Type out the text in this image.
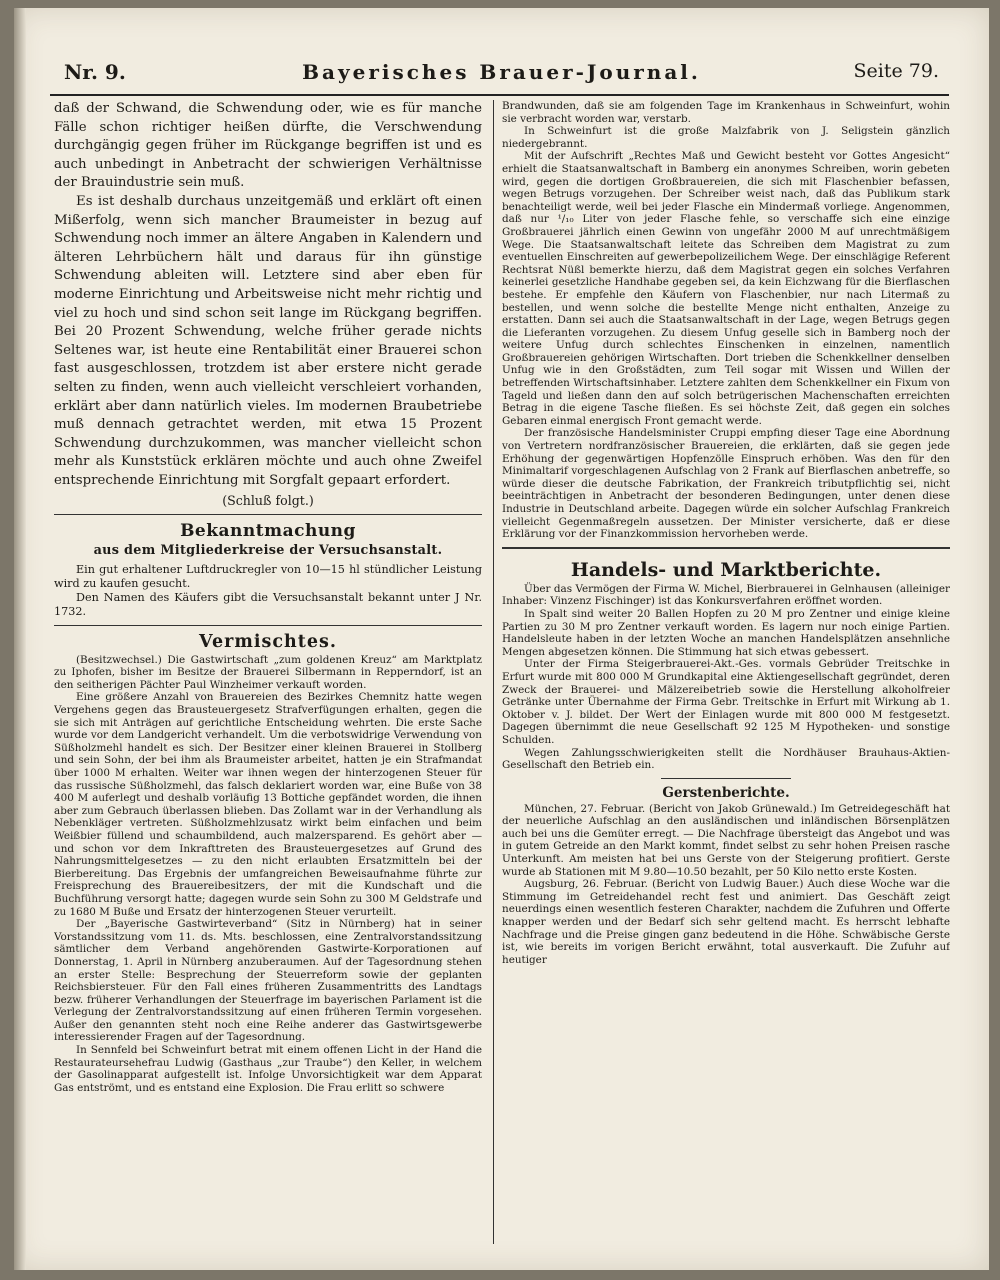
Nr. 9.	Bayerisches Brauer-Journal.	Seite 79.

daß der Schwand, die Schwendung oder, wie es für manche Fälle schon richtiger heißen dürfte, die Verschwendung durchgängig gegen früher im Rückgange begriffen ist und es auch unbedingt in Anbetracht der schwierigen Verhältnisse der Brauindustrie sein muß.

Es ist deshalb durchaus unzeitgemäß und erklärt oft einen Mißerfolg, wenn sich mancher Braumeister in bezug auf Schwendung noch immer an ältere Angaben in Kalendern und älteren Lehrbüchern hält und daraus für ihn günstige Schwendung ableiten will. Letztere sind aber eben für moderne Einrichtung und Arbeitsweise nicht mehr richtig und viel zu hoch und sind schon seit lange im Rückgang begriffen. Bei 20 Prozent Schwendung, welche früher gerade nichts Seltenes war, ist heute eine Rentabilität einer Brauerei schon fast ausgeschlossen, trotzdem ist aber erstere nicht gerade selten zu finden, wenn auch vielleicht verschleiert vorhanden, erklärt aber dann natürlich vieles. Im modernen Braubetriebe muß dennach getrachtet werden, mit etwa 15 Prozent Schwendung durchzukommen, was mancher vielleicht schon mehr als Kunststück erklären möchte und auch ohne Zweifel entsprechende Einrichtung mit Sorgfalt gepaart erfordert.

(Schluß folgt.)
Bekanntmachung
aus dem Mitgliederkreise der Versuchsanstalt.

Ein gut erhaltener Luftdruckregler von 10—15 hl stündlicher Leistung wird zu kaufen gesucht.

Den Namen des Käufers gibt die Versuchsanstalt bekannt unter J Nr. 1732.

Vermischtes.

(Besitzwechsel.) Die Gastwirtschaft „zum goldenen Kreuz“ am Marktplatz zu Iphofen, bisher im Besitze der Brauerei Silbermann in Repperndorf, ist an den seitherigen Pächter Paul Winzheimer verkauft worden.

Eine größere Anzahl von Brauereien des Bezirkes Chemnitz hatte wegen Vergehens gegen das Brausteuergesetz Strafverfügungen erhalten, gegen die sie sich mit Anträgen auf gerichtliche Entscheidung wehrten. Die erste Sache wurde vor dem Landgericht verhandelt. Um die verbotswidrige Verwendung von Süßholzmehl handelt es sich. Der Besitzer einer kleinen Brauerei in Stollberg und sein Sohn, der bei ihm als Braumeister arbeitet, hatten je ein Strafmandat über 1000 M erhalten. Weiter war ihnen wegen der hinterzogenen Steuer für das russische Süßholzmehl, das falsch deklariert worden war, eine Buße von 38 400 M auferlegt und deshalb vorläufig 13 Bottiche gepfändet worden, die ihnen aber zum Gebrauch überlassen blieben. Das Zollamt war in der Verhandlung als Nebenkläger vertreten. Süßholzmehlzusatz wirkt beim einfachen und beim Weißbier füllend und schaumbildend, auch malzersparend. Es gehört aber — und schon vor dem Inkrafttreten des Brausteuergesetzes auf Grund des Nahrungsmittelgesetzes — zu den nicht erlaubten Ersatzmitteln bei der Bierbereitung. Das Ergebnis der umfangreichen Beweisaufnahme führte zur Freisprechung des Brauereibesitzers, der mit die Kundschaft und die Buchführung versorgt hatte; dagegen wurde sein Sohn zu 300 M Geldstrafe und zu 1680 M Buße und Ersatz der hinterzogenen Steuer verurteilt.

Der „Bayerische Gastwirteverband“ (Sitz in Nürnberg) hat in seiner Vorstandssitzung vom 11. ds. Mts. beschlossen, eine Zentralvorstandssitzung sämtlicher dem Verband angehörenden Gastwirte-Korporationen auf Donnerstag, 1. April in Nürnberg anzuberaumen. Auf der Tagesordnung stehen an erster Stelle: Besprechung der Steuerreform sowie der geplanten Reichsbiersteuer. Für den Fall eines früheren Zusammentritts des Landtags bezw. früherer Verhandlungen der Steuerfrage im bayerischen Parlament ist die Verlegung der Zentralvorstandssitzung auf einen früheren Termin vorgesehen. Außer den genannten steht noch eine Reihe anderer das Gastwirtsgewerbe interessierender Fragen auf der Tagesordnung.

In Sennfeld bei Schweinfurt betrat mit einem offenen Licht in der Hand die Restaurateursehefrau Ludwig (Gasthaus „zur Traube“) den Keller, in welchem der Gasolinapparat aufgestellt ist. Infolge Unvorsichtigkeit war dem Apparat Gas entströmt, und es entstand eine Explosion. Die Frau erlitt so schwere

Brandwunden, daß sie am folgenden Tage im Krankenhaus in Schweinfurt, wohin sie verbracht worden war, verstarb.

In Schweinfurt ist die große Malzfabrik von J. Seligstein gänzlich niedergebrannt.

Mit der Aufschrift „Rechtes Maß und Gewicht besteht vor Gottes Angesicht“ erhielt die Staatsanwaltschaft in Bamberg ein anonymes Schreiben, worin gebeten wird, gegen die dortigen Großbrauereien, die sich mit Flaschenbier befassen, wegen Betrugs vorzugehen. Der Schreiber weist nach, daß das Publikum stark benachteiligt werde, weil bei jeder Flasche ein Mindermaß vorliege. Angenommen, daß nur ¹/₁₀ Liter von jeder Flasche fehle, so verschaffe sich eine einzige Großbrauerei jährlich einen Gewinn von ungefähr 2000 M auf unrechtmäßigem Wege. Die Staatsanwaltschaft leitete das Schreiben dem Magistrat zu zum eventuellen Einschreiten auf gewerbepolizeilichem Wege. Der einschlägige Referent Rechtsrat Nüßl bemerkte hierzu, daß dem Magistrat gegen ein solches Verfahren keinerlei gesetzliche Handhabe gegeben sei, da kein Eichzwang für die Bierflaschen bestehe. Er empfehle den Käufern von Flaschenbier, nur nach Litermaß zu bestellen, und wenn solche die bestellte Menge nicht enthalten, Anzeige zu erstatten. Dann sei auch die Staatsanwaltschaft in der Lage, wegen Betrugs gegen die Lieferanten vorzugehen. Zu diesem Unfug geselle sich in Bamberg noch der weitere Unfug durch schlechtes Einschenken in einzelnen, namentlich Großbrauereien gehörigen Wirtschaften. Dort trieben die Schenkkellner denselben Unfug wie in den Großstädten, zum Teil sogar mit Wissen und Willen der betreffenden Wirtschaftsinhaber. Letztere zahlten dem Schenkkellner ein Fixum von Tageld und ließen dann den auf solch betrügerischen Machenschaften erreichten Betrag in die eigene Tasche fließen. Es sei höchste Zeit, daß gegen ein solches Gebaren einmal energisch Front gemacht werde.

Der französische Handelsminister Cruppi empfing dieser Tage eine Abordnung von Vertretern nordfranzösischer Brauereien, die erklärten, daß sie gegen jede Erhöhung der gegenwärtigen Hopfenzölle Einspruch erhöben. Was den für den Minimaltarif vorgeschlagenen Aufschlag von 2 Frank auf Bierflaschen anbetreffe, so würde dieser die deutsche Fabrikation, der Frankreich tributpflichtig sei, nicht beeinträchtigen in Anbetracht der besonderen Bedingungen, unter denen diese Industrie in Deutschland arbeite. Dagegen würde ein solcher Aufschlag Frankreich vielleicht Gegenmaßregeln aussetzen. Der Minister versicherte, daß er diese Erklärung vor der Finanzkommission hervorheben werde.

Handels- und Marktberichte.

Über das Vermögen der Firma W. Michel, Bierbrauerei in Gelnhausen (alleiniger Inhaber: Vinzenz Fischinger) ist das Konkursverfahren eröffnet worden.

In Spalt sind weiter 20 Ballen Hopfen zu 20 M pro Zentner und einige kleine Partien zu 30 M pro Zentner verkauft worden. Es lagern nur noch einige Partien. Handelsleute haben in der letzten Woche an manchen Handelsplätzen ansehnliche Mengen abgesetzen können. Die Stimmung hat sich etwas gebessert.

Unter der Firma Steigerbrauerei-Akt.-Ges. vormals Gebrüder Treitschke in Erfurt wurde mit 800 000 M Grundkapital eine Aktiengesellschaft gegründet, deren Zweck der Brauerei- und Mälzereibetrieb sowie die Herstellung alkoholfreier Getränke unter Übernahme der Firma Gebr. Treitschke in Erfurt mit Wirkung ab 1. Oktober v. J. bildet. Der Wert der Einlagen wurde mit 800 000 M festgesetzt. Dagegen übernimmt die neue Gesellschaft 92 125 M Hypotheken- und sonstige Schulden.

Wegen Zahlungsschwierigkeiten stellt die Nordhäuser Brauhaus-Aktien-Gesellschaft den Betrieb ein.

Gerstenberichte.

München, 27. Februar. (Bericht von Jakob Grünewald.) Im Getreidegeschäft hat der neuerliche Aufschlag an den ausländischen und inländischen Börsenplätzen auch bei uns die Gemüter erregt. — Die Nachfrage übersteigt das Angebot und was in gutem Getreide an den Markt kommt, findet selbst zu sehr hohen Preisen rasche Unterkunft. Am meisten hat bei uns Gerste von der Steigerung profitiert. Gerste wurde ab Stationen mit M 9.80—10.50 bezahlt, per 50 Kilo netto erste Kosten.

Augsburg, 26. Februar. (Bericht von Ludwig Bauer.) Auch diese Woche war die Stimmung im Getreidehandel recht fest und animiert. Das Geschäft zeigt neuerdings einen wesentlich festeren Charakter, nachdem die Zufuhren und Offerte knapper werden und der Bedarf sich sehr geltend macht. Es herrscht lebhafte Nachfrage und die Preise gingen ganz bedeutend in die Höhe. Schwäbische Gerste ist, wie bereits im vorigen Bericht erwähnt, total ausverkauft. Die Zufuhr auf heutiger
